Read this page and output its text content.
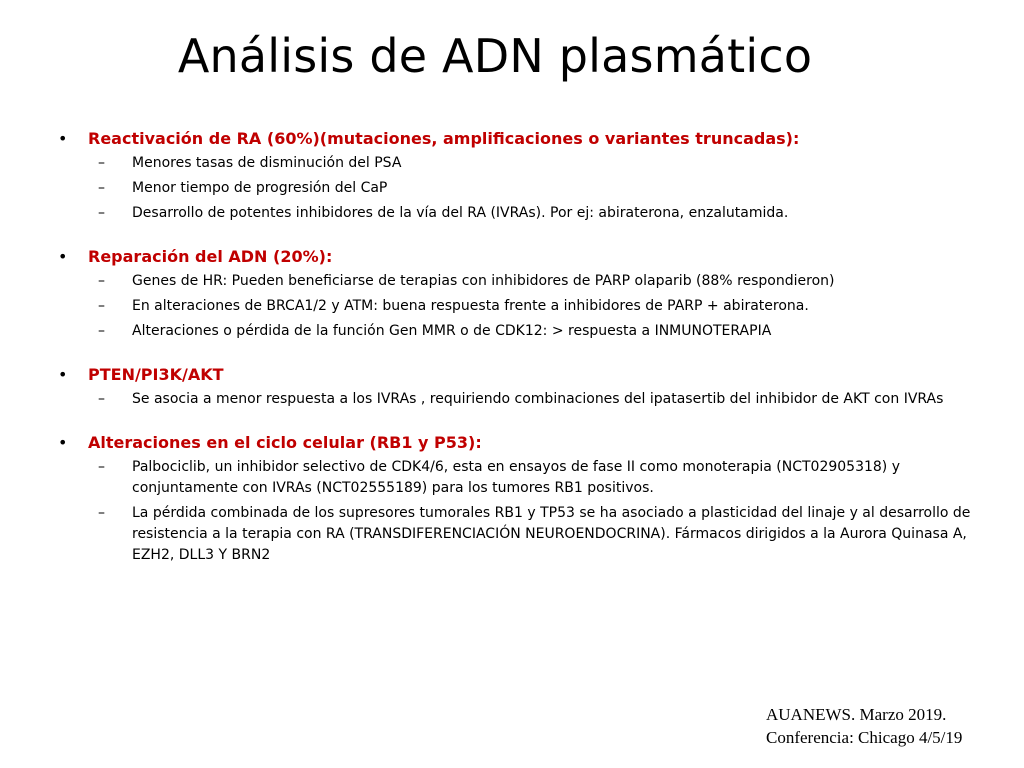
Análisis de ADN plasmático
• Reactivación de RA (60%)(mutaciones, amplificaciones o variantes truncadas):
– Menores tasas de disminución del PSA
– Menor tiempo de progresión del CaP
– Desarrollo de potentes inhibidores de la vía del RA (IVRAs). Por ej: abiraterona, enzalutamida.
• Reparación del ADN (20%):
– Genes de HR: Pueden beneficiarse de terapias con inhibidores de PARP olaparib (88% respondieron)
– En alteraciones de BRCA1/2 y ATM: buena respuesta frente a inhibidores de PARP + abiraterona.
– Alteraciones o pérdida de la función Gen MMR o de CDK12: > respuesta a INMUNOTERAPIA
• PTEN/PI3K/AKT
– Se asocia a menor respuesta a los IVRAs , requiriendo combinaciones del ipatasertib del inhibidor de AKT con IVRAs
• Alteraciones en el ciclo celular (RB1 y P53):
– Palbociclib, un inhibidor selectivo de CDK4/6, esta en ensayos de fase II como monoterapia (NCT02905318) y conjuntamente con IVRAs (NCT02555189) para los tumores RB1 positivos.
– La pérdida combinada de los supresores tumorales RB1 y TP53 se ha asociado a plasticidad del linaje y al desarrollo de resistencia a la terapia con RA (TRANSDIFERENCIACIÓN NEUROENDOCRINA). Fármacos dirigidos a la Aurora Quinasa A, EZH2, DLL3 Y BRN2
AUANEWS. Marzo 2019.
Conferencia: Chicago 4/5/19
